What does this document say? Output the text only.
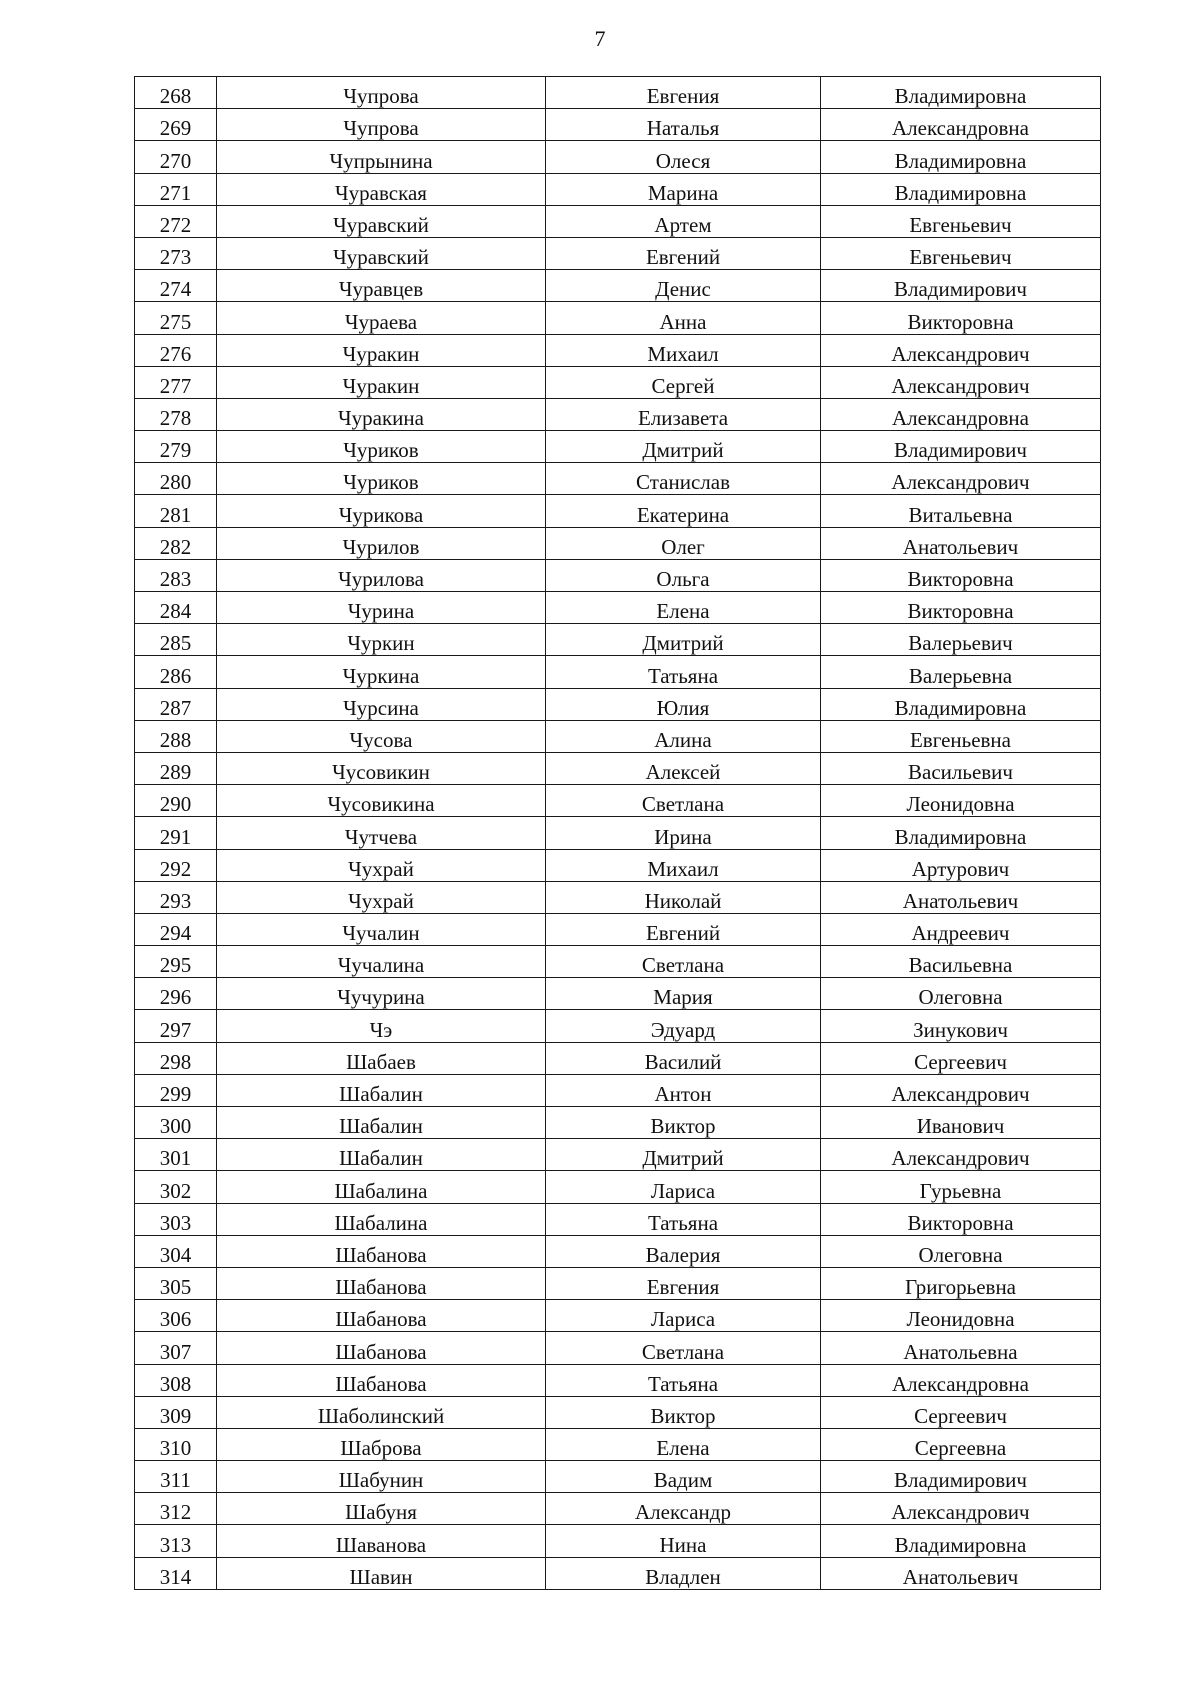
7
268	Чупрова	Евгения	Владимировна
269	Чупрова	Наталья	Александровна
270	Чупрынина	Олеся	Владимировна
271	Чуравская	Марина	Владимировна
272	Чуравский	Артем	Евгеньевич
273	Чуравский	Евгений	Евгеньевич
274	Чуравцев	Денис	Владимирович
275	Чураева	Анна	Викторовна
276	Чуракин	Михаил	Александрович
277	Чуракин	Сергей	Александрович
278	Чуракина	Елизавета	Александровна
279	Чуриков	Дмитрий	Владимирович
280	Чуриков	Станислав	Александрович
281	Чурикова	Екатерина	Витальевна
282	Чурилов	Олег	Анатольевич
283	Чурилова	Ольга	Викторовна
284	Чурина	Елена	Викторовна
285	Чуркин	Дмитрий	Валерьевич
286	Чуркина	Татьяна	Валерьевна
287	Чурсина	Юлия	Владимировна
288	Чусова	Алина	Евгеньевна
289	Чусовикин	Алексей	Васильевич
290	Чусовикина	Светлана	Леонидовна
291	Чутчева	Ирина	Владимировна
292	Чухрай	Михаил	Артурович
293	Чухрай	Николай	Анатольевич
294	Чучалин	Евгений	Андреевич
295	Чучалина	Светлана	Васильевна
296	Чучурина	Мария	Олеговна
297	Чэ	Эдуард	Зинукович
298	Шабаев	Василий	Сергеевич
299	Шабалин	Антон	Александрович
300	Шабалин	Виктор	Иванович
301	Шабалин	Дмитрий	Александрович
302	Шабалина	Лариса	Гурьевна
303	Шабалина	Татьяна	Викторовна
304	Шабанова	Валерия	Олеговна
305	Шабанова	Евгения	Григорьевна
306	Шабанова	Лариса	Леонидовна
307	Шабанова	Светлана	Анатольевна
308	Шабанова	Татьяна	Александровна
309	Шаболинский	Виктор	Сергеевич
310	Шаброва	Елена	Сергеевна
311	Шабунин	Вадим	Владимирович
312	Шабуня	Александр	Александрович
313	Шаванова	Нина	Владимировна
314	Шавин	Владлен	Анатольевич
